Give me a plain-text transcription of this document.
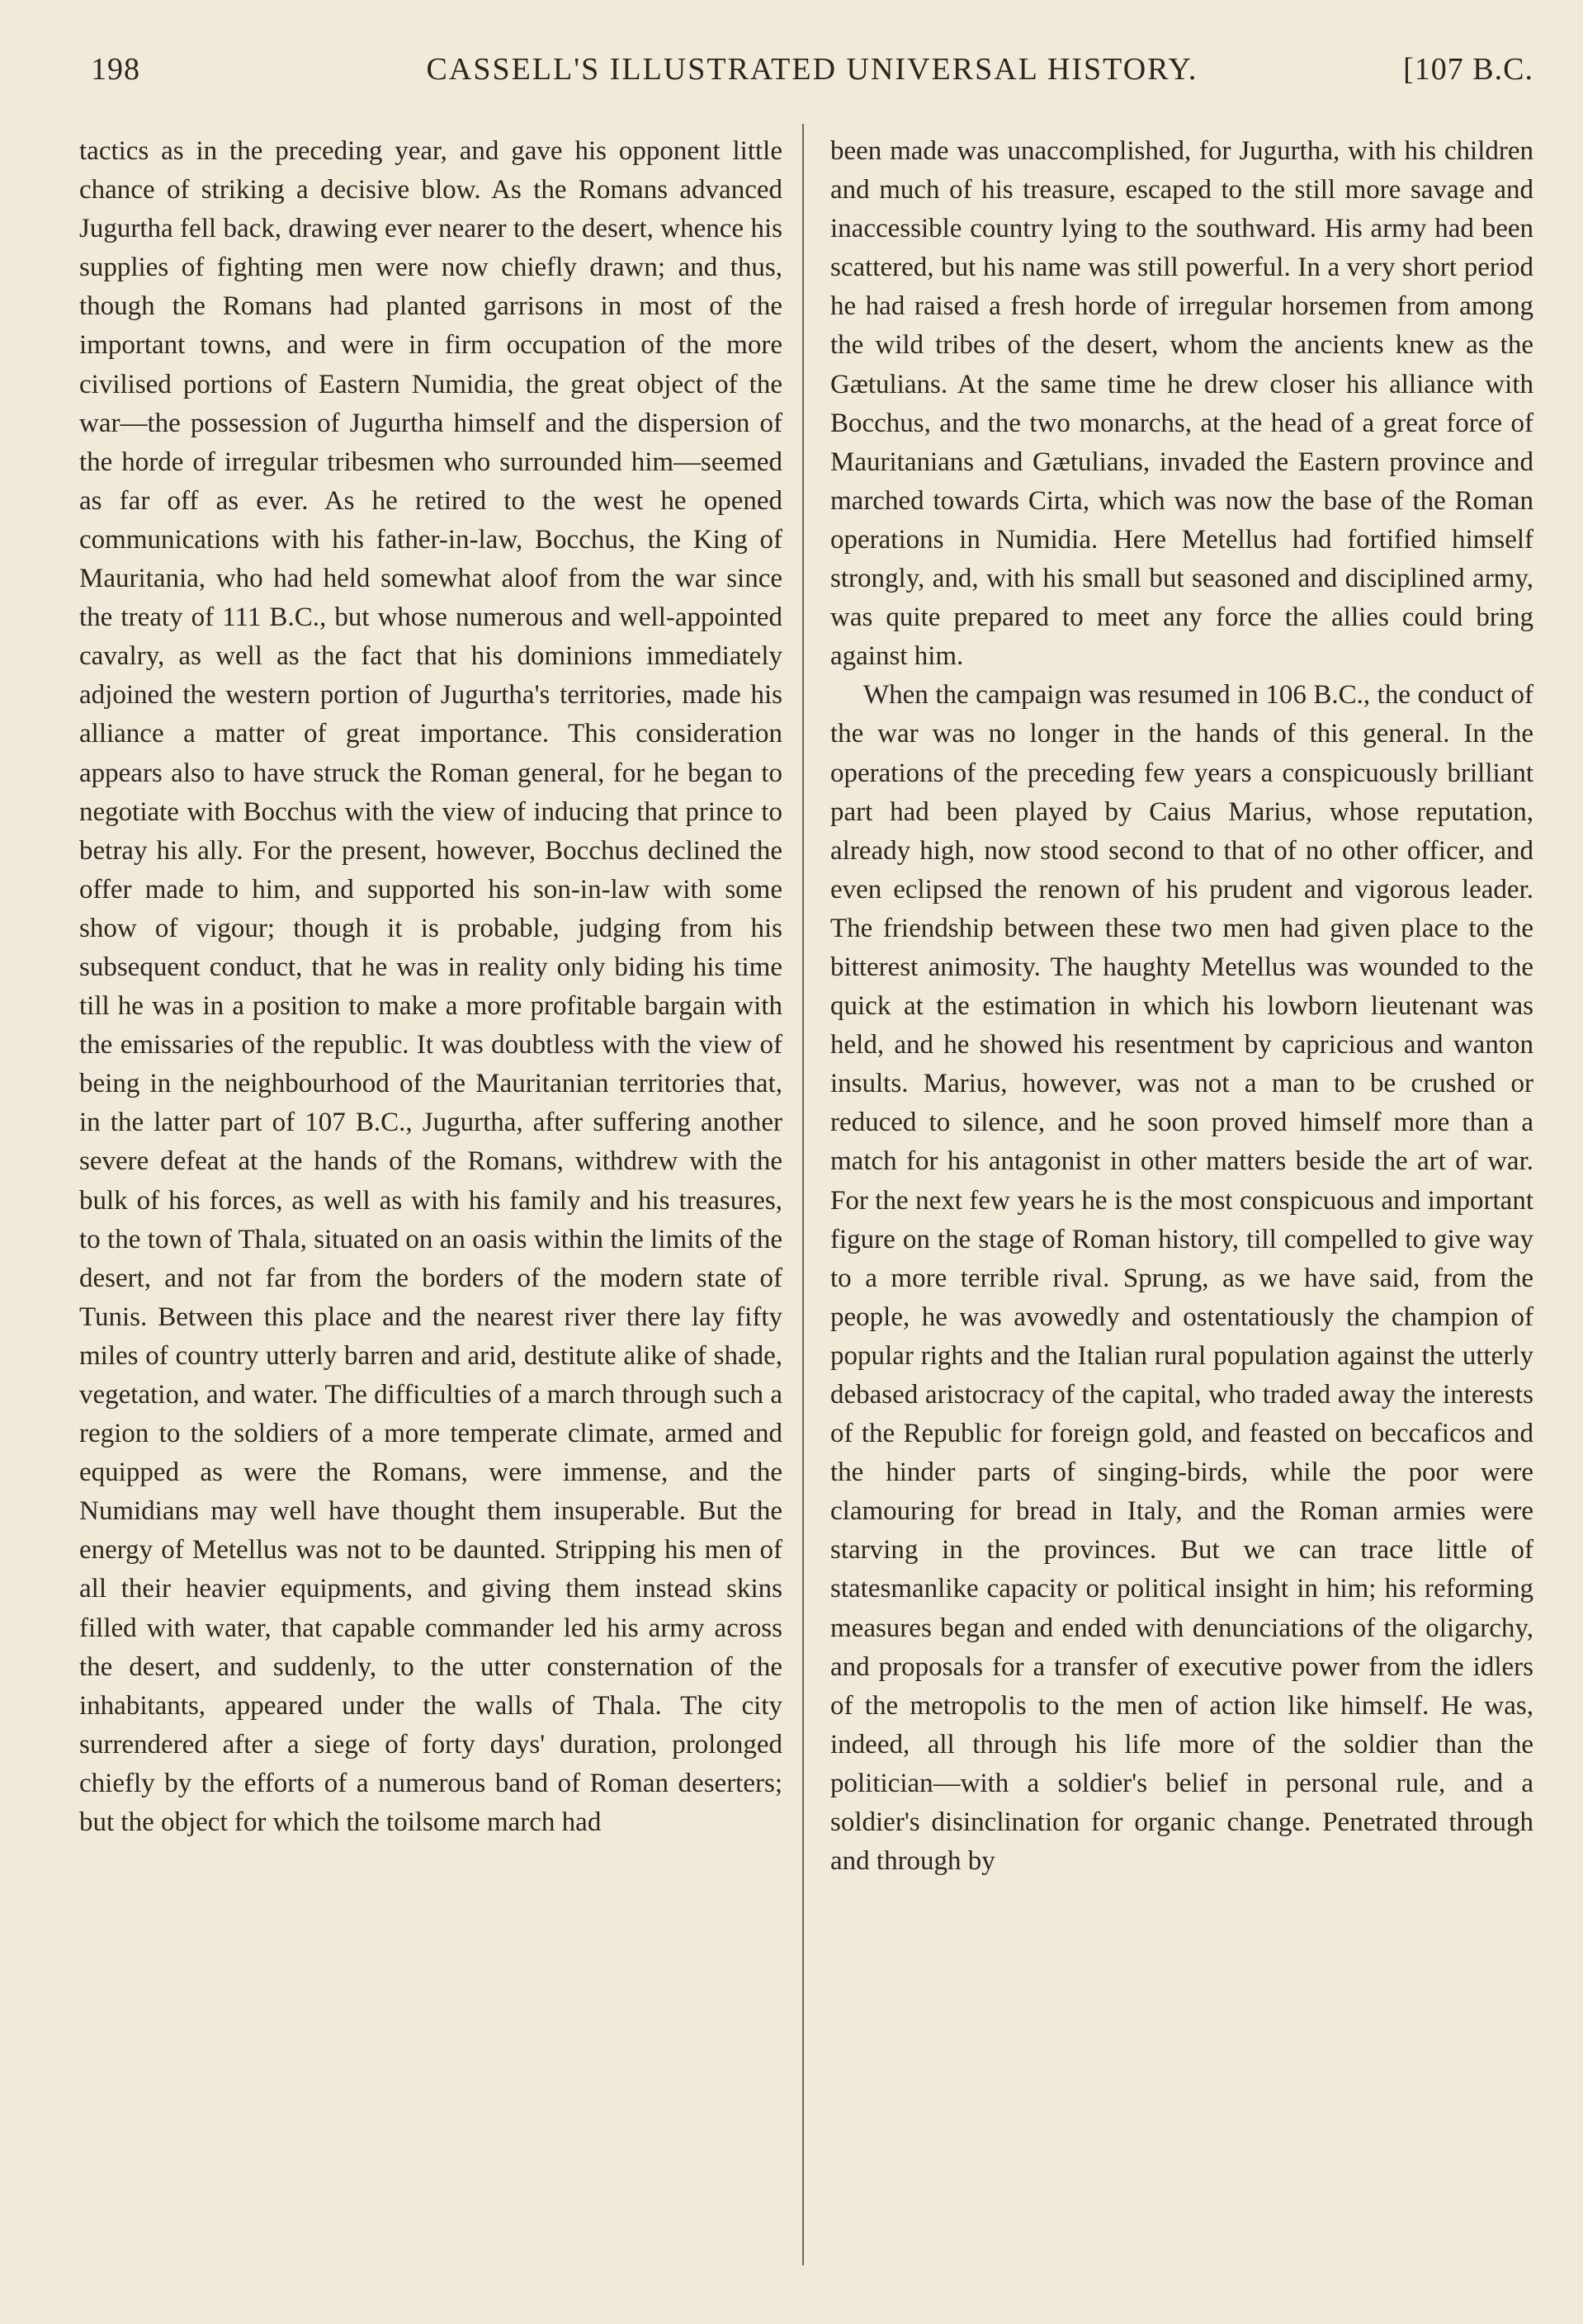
198	CASSELL'S ILLUSTRATED UNIVERSAL HISTORY.	[107 B.C.

tactics as in the preceding year, and gave his opponent little chance of striking a decisive blow. As the Romans advanced Jugurtha fell back, drawing ever nearer to the desert, whence his supplies of fighting men were now chiefly drawn; and thus, though the Romans had planted garrisons in most of the important towns, and were in firm occupation of the more civilised portions of Eastern Numidia, the great object of the war—the possession of Jugurtha himself and the dispersion of the horde of irregular tribesmen who surrounded him—seemed as far off as ever. As he retired to the west he opened communications with his father-in-law, Bocchus, the King of Mauritania, who had held somewhat aloof from the war since the treaty of 111 B.C., but whose numerous and well-appointed cavalry, as well as the fact that his dominions immediately adjoined the western portion of Jugurtha's territories, made his alliance a matter of great importance. This consideration appears also to have struck the Roman general, for he began to negotiate with Bocchus with the view of inducing that prince to betray his ally. For the present, however, Bocchus declined the offer made to him, and supported his son-in-law with some show of vigour; though it is probable, judging from his subsequent conduct, that he was in reality only biding his time till he was in a position to make a more profitable bargain with the emissaries of the republic. It was doubtless with the view of being in the neighbourhood of the Mauritanian territories that, in the latter part of 107 B.C., Jugurtha, after suffering another severe defeat at the hands of the Romans, withdrew with the bulk of his forces, as well as with his family and his treasures, to the town of Thala, situated on an oasis within the limits of the desert, and not far from the borders of the modern state of Tunis. Between this place and the nearest river there lay fifty miles of country utterly barren and arid, destitute alike of shade, vegetation, and water. The difficulties of a march through such a region to the soldiers of a more temperate climate, armed and equipped as were the Romans, were immense, and the Numidians may well have thought them insuperable. But the energy of Metellus was not to be daunted. Stripping his men of all their heavier equipments, and giving them instead skins filled with water, that capable commander led his army across the desert, and suddenly, to the utter consternation of the inhabitants, appeared under the walls of Thala. The city surrendered after a siege of forty days' duration, prolonged chiefly by the efforts of a numerous band of Roman deserters; but the object for which the toilsome march had

been made was unaccomplished, for Jugurtha, with his children and much of his treasure, escaped to the still more savage and inaccessible country lying to the southward. His army had been scattered, but his name was still powerful. In a very short period he had raised a fresh horde of irregular horsemen from among the wild tribes of the desert, whom the ancients knew as the Gætulians. At the same time he drew closer his alliance with Bocchus, and the two monarchs, at the head of a great force of Mauritanians and Gætulians, invaded the Eastern province and marched towards Cirta, which was now the base of the Roman operations in Numidia. Here Metellus had fortified himself strongly, and, with his small but seasoned and disciplined army, was quite prepared to meet any force the allies could bring against him.

When the campaign was resumed in 106 B.C., the conduct of the war was no longer in the hands of this general. In the operations of the preceding few years a conspicuously brilliant part had been played by Caius Marius, whose reputation, already high, now stood second to that of no other officer, and even eclipsed the renown of his prudent and vigorous leader. The friendship between these two men had given place to the bitterest animosity. The haughty Metellus was wounded to the quick at the estimation in which his lowborn lieutenant was held, and he showed his resentment by capricious and wanton insults. Marius, however, was not a man to be crushed or reduced to silence, and he soon proved himself more than a match for his antagonist in other matters beside the art of war. For the next few years he is the most conspicuous and important figure on the stage of Roman history, till compelled to give way to a more terrible rival. Sprung, as we have said, from the people, he was avowedly and ostentatiously the champion of popular rights and the Italian rural population against the utterly debased aristocracy of the capital, who traded away the interests of the Republic for foreign gold, and feasted on beccaficos and the hinder parts of singing-birds, while the poor were clamouring for bread in Italy, and the Roman armies were starving in the provinces. But we can trace little of statesmanlike capacity or political insight in him; his reforming measures began and ended with denunciations of the oligarchy, and proposals for a transfer of executive power from the idlers of the metropolis to the men of action like himself. He was, indeed, all through his life more of the soldier than the politician—with a soldier's belief in personal rule, and a soldier's disinclination for organic change. Penetrated through and through by
